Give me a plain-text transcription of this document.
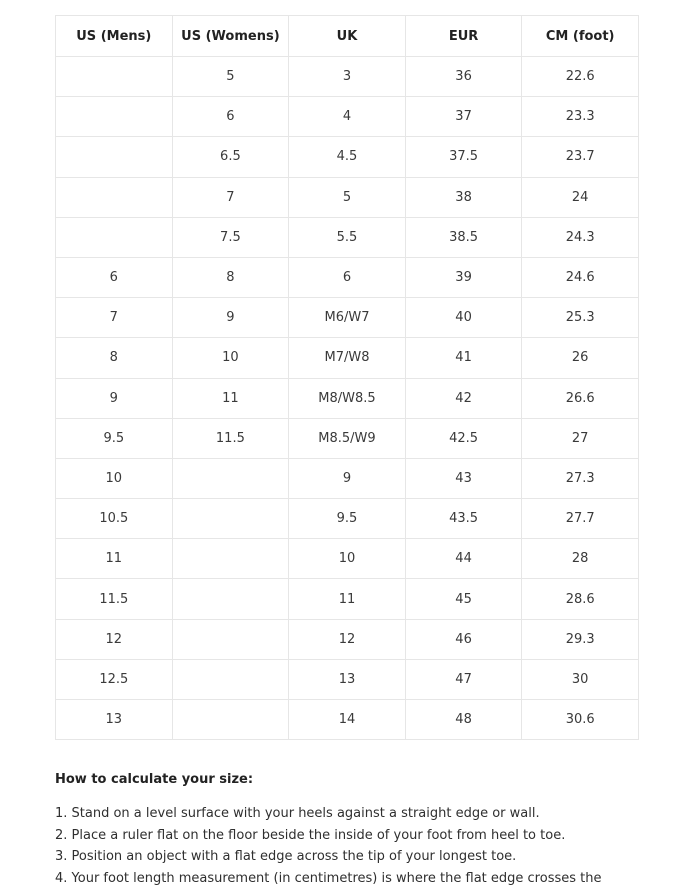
US (Mens)	US (Womens)	UK	EUR	CM (foot)
	5	3	36	22.6
	6	4	37	23.3
	6.5	4.5	37.5	23.7
	7	5	38	24
	7.5	5.5	38.5	24.3
6	8	6	39	24.6
7	9	M6/W7	40	25.3
8	10	M7/W8	41	26
9	11	M8/W8.5	42	26.6
9.5	11.5	M8.5/W9	42.5	27
10		9	43	27.3
10.5		9.5	43.5	27.7
11		10	44	28
11.5		11	45	28.6
12		12	46	29.3
12.5		13	47	30
13		14	48	30.6
How to calculate your size:
1. Stand on a level surface with your heels against a straight edge or wall.
2. Place a ruler flat on the floor beside the inside of your foot from heel to toe.
3. Position an object with a flat edge across the tip of your longest toe.
4. Your foot length measurement (in centimetres) is where the flat edge crosses the
